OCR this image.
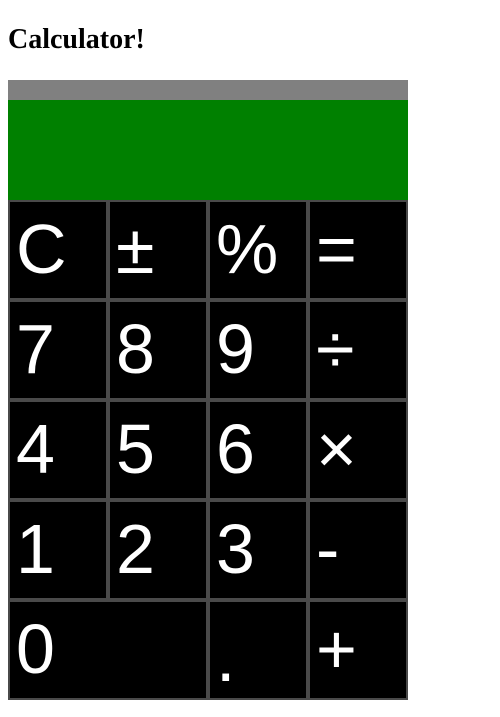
Calculator!
C ± % =
7 8 9 ÷
4 5 6 ×
1 2 3 -
0	.	+
